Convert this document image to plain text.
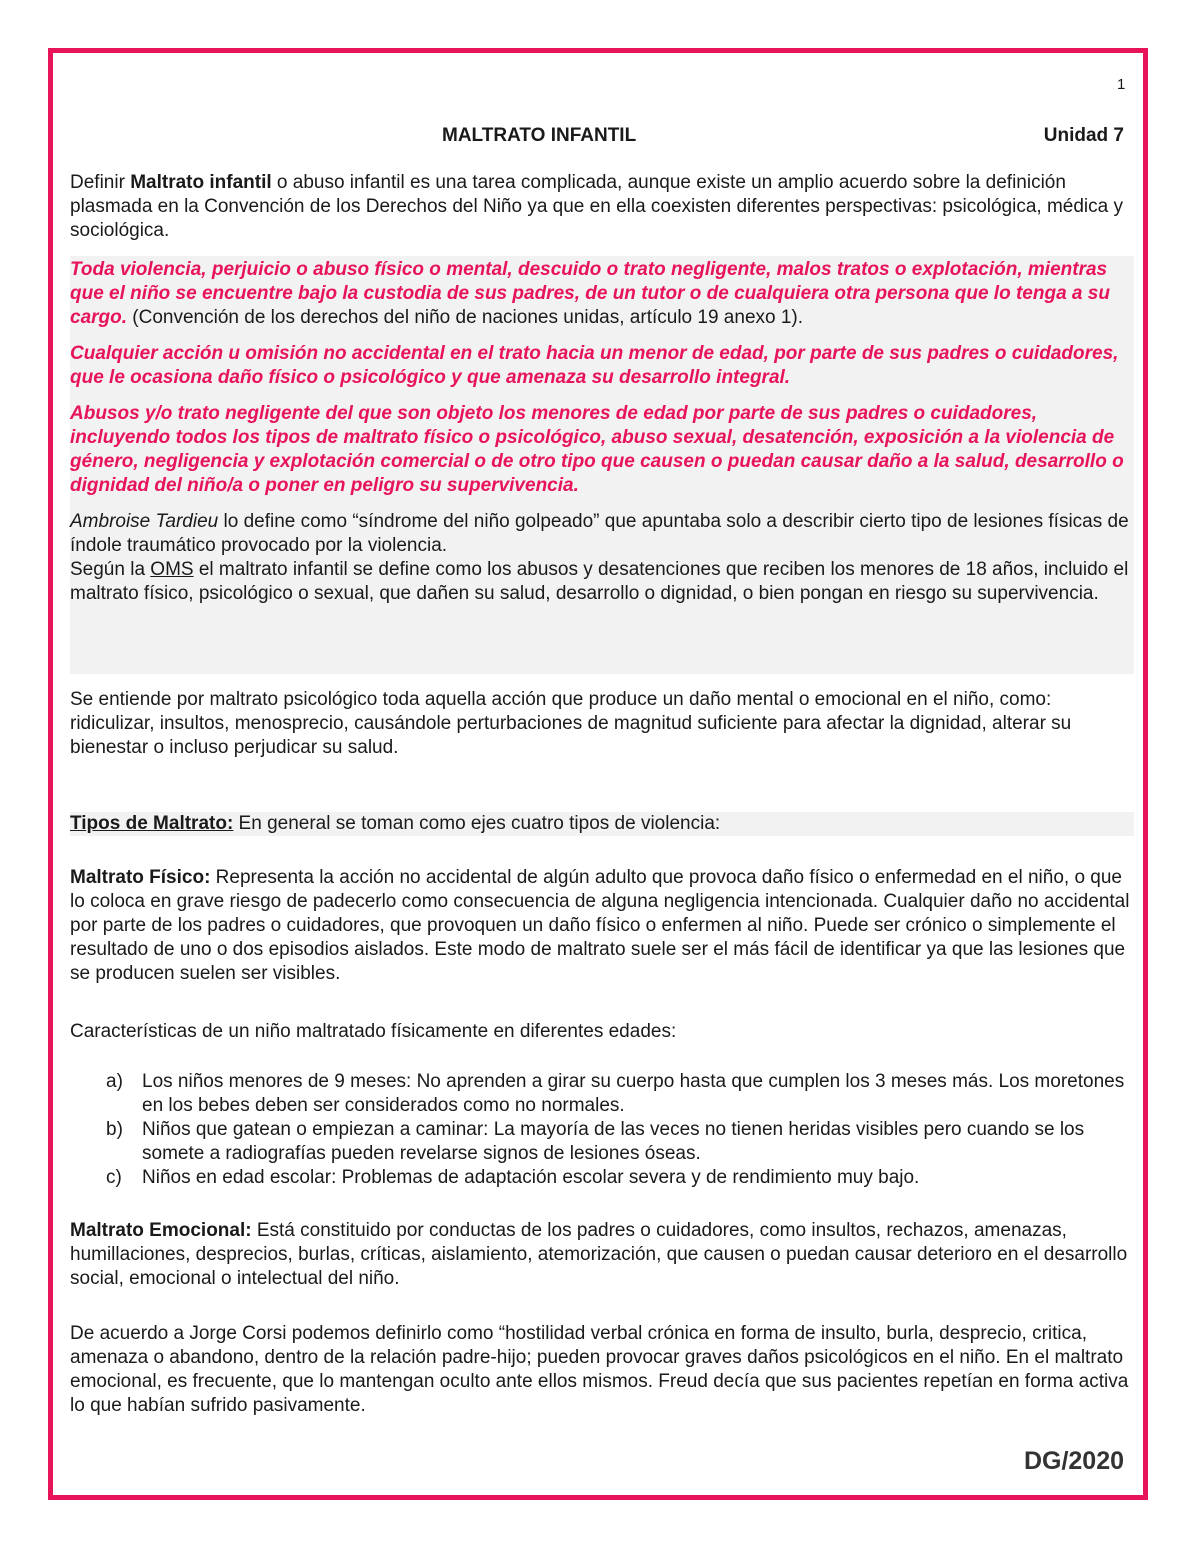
1
MALTRATO INFANTIL	Unidad 7

Definir Maltrato infantil o abuso infantil es una tarea complicada, aunque existe un amplio acuerdo sobre la definición plasmada en la Convención de los Derechos del Niño ya que en ella coexisten diferentes perspectivas: psicológica, médica y sociológica.

Toda violencia, perjuicio o abuso físico o mental, descuido o trato negligente, malos tratos o explotación, mientras que el niño se encuentre bajo la custodia de sus padres, de un tutor o de cualquiera otra persona que lo tenga a su cargo. (Convención de los derechos del niño de naciones unidas, artículo 19 anexo 1).

Cualquier acción u omisión no accidental en el trato hacia un menor de edad, por parte de sus padres o cuidadores, que le ocasiona daño físico o psicológico y que amenaza su desarrollo integral.

Abusos y/o trato negligente del que son objeto los menores de edad por parte de sus padres o cuidadores, incluyendo todos los tipos de maltrato físico o psicológico, abuso sexual, desatención, exposición a la violencia de género, negligencia y explotación comercial o de otro tipo que causen o puedan causar daño a la salud, desarrollo o dignidad del niño/a o poner en peligro su supervivencia.

Ambroise Tardieu lo define como “síndrome del niño golpeado” que apuntaba solo a describir cierto tipo de lesiones físicas de índole traumático provocado por la violencia.

Según la OMS el maltrato infantil se define como los abusos y desatenciones que reciben los menores de 18 años, incluido el maltrato físico, psicológico o sexual, que dañen su salud, desarrollo o dignidad, o bien pongan en riesgo su supervivencia.

Se entiende por maltrato psicológico toda aquella acción que produce un daño mental o emocional en el niño, como: ridiculizar, insultos, menosprecio, causándole perturbaciones de magnitud suficiente para afectar la dignidad, alterar su bienestar o incluso perjudicar su salud.

Tipos de Maltrato: En general se toman como ejes cuatro tipos de violencia:

Maltrato Físico: Representa la acción no accidental de algún adulto que provoca daño físico o enfermedad en el niño, o que lo coloca en grave riesgo de padecerlo como consecuencia de alguna negligencia intencionada. Cualquier daño no accidental por parte de los padres o cuidadores, que provoquen un daño físico o enfermen al niño. Puede ser crónico o simplemente el resultado de uno o dos episodios aislados. Este modo de maltrato suele ser el más fácil de identificar ya que las lesiones que se producen suelen ser visibles.

Características de un niño maltratado físicamente en diferentes edades:

a) Los niños menores de 9 meses: No aprenden a girar su cuerpo hasta que cumplen los 3 meses más. Los moretones en los bebes deben ser considerados como no normales.
b) Niños que gatean o empiezan a caminar: La mayoría de las veces no tienen heridas visibles pero cuando se los somete a radiografías pueden revelarse signos de lesiones óseas.
c) Niños en edad escolar: Problemas de adaptación escolar severa y de rendimiento muy bajo.

Maltrato Emocional: Está constituido por conductas de los padres o cuidadores, como insultos, rechazos, amenazas, humillaciones, desprecios, burlas, críticas, aislamiento, atemorización, que causen o puedan causar deterioro en el desarrollo social, emocional o intelectual del niño.

De acuerdo a Jorge Corsi podemos definirlo como “hostilidad verbal crónica en forma de insulto, burla, desprecio, critica, amenaza o abandono, dentro de la relación padre-hijo; pueden provocar graves daños psicológicos en el niño. En el maltrato emocional, es frecuente, que lo mantengan oculto ante ellos mismos. Freud decía que sus pacientes repetían en forma activa lo que habían sufrido pasivamente.

DG/2020
